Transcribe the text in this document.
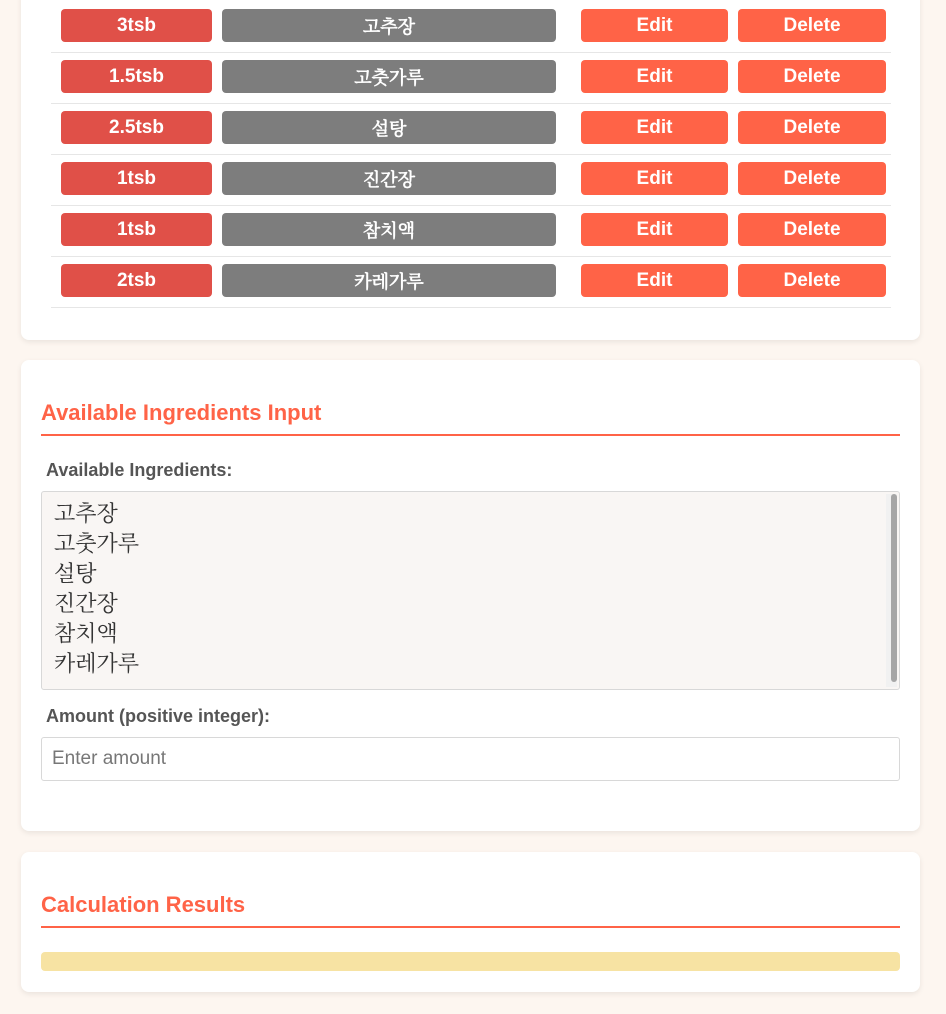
3tsb	고추장	Edit	Delete
1.5tsb	고춧가루	Edit	Delete
2.5tsb	설탕	Edit	Delete
1tsb	진간장	Edit	Delete
1tsb	참치액	Edit	Delete
2tsb	카레가루	Edit	Delete
Available Ingredients Input
Available Ingredients:
고추장
고춧가루
설탕
진간장
참치액
카레가루
Amount (positive integer):
Enter amount
Calculation Results
